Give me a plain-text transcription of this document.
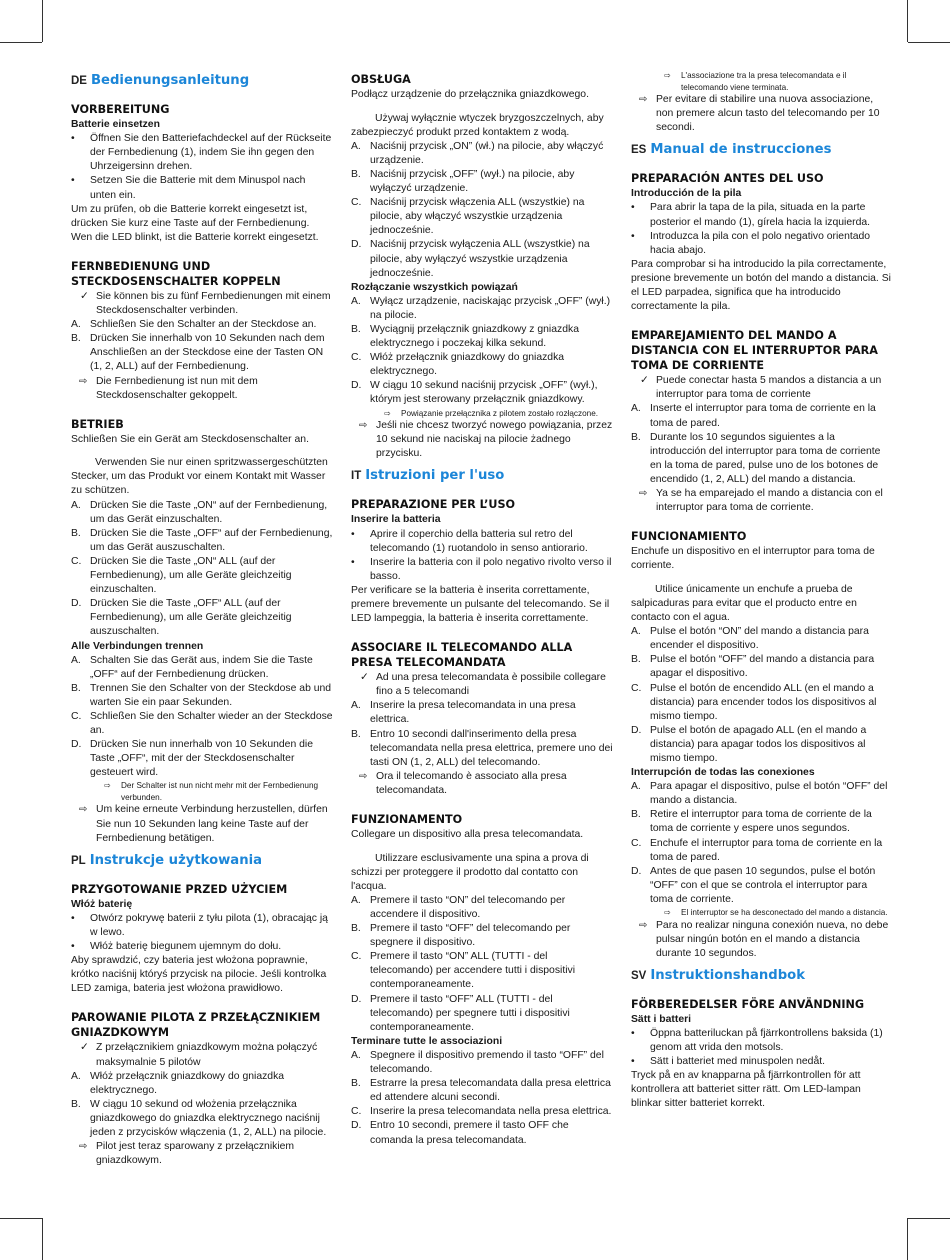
DE Bedienungsanleitung
VORBEREITUNG
Batterie einsetzen
•	Öffnen Sie den Batteriefachdeckel auf der Rückseite der Fernbedienung (1), indem Sie ihn gegen den Uhrzeigersinn drehen.
•	Setzen Sie die Batterie mit dem Minuspol nach unten ein.

Um zu prüfen, ob die Batterie korrekt eingesetzt ist, drücken Sie kurz eine Taste auf der Fernbedienung. Wen die LED blinkt, ist die Batterie korrekt eingesetzt.

FERNBEDIENUNG UND STECKDOSENSCHALTER KOPPELN
✓ Sie können bis zu fünf Fernbedienungen mit einem Steckdosenschalter verbinden.
A. Schließen Sie den Schalter an der Steckdose an.
B. Drücken Sie innerhalb von 10 Sekunden nach dem Anschließen an der Steckdose eine der Tasten ON (1, 2, ALL) auf der Fernbedienung.
⇨ Die Fernbedienung ist nun mit dem Steckdosenschalter gekoppelt.
BETRIEB

Schließen Sie ein Gerät am Steckdosenschalter an.

Verwenden Sie nur einen spritzwassergeschützten Stecker, um das Produkt vor einem Kontakt mit Wasser zu schützen.

A. Drücken Sie die Taste „ON“ auf der Fernbedienung, um das Gerät einzuschalten.
B. Drücken Sie die Taste „OFF“ auf der Fernbedienung, um das Gerät auszuschalten.
C. Drücken Sie die Taste „ON“ ALL (auf der Fernbedienung), um alle Geräte gleichzeitig einzuschalten.
D. Drücken Sie die Taste „OFF“ ALL (auf der Fernbedienung), um alle Geräte gleichzeitig auszuschalten.
Alle Verbindungen trennen
A. Schalten Sie das Gerät aus, indem Sie die Taste „OFF“ auf der Fernbedienung drücken.
B. Trennen Sie den Schalter von der Steckdose ab und warten Sie ein paar Sekunden.
C. Schließen Sie den Schalter wieder an der Steckdose an.
D. Drücken Sie nun innerhalb von 10 Sekunden die Taste „OFF“, mit der der Steckdosenschalter gesteuert wird.
⇨	Der Schalter ist nun nicht mehr mit der Fernbedienung verbunden.
⇨ Um keine erneute Verbindung herzustellen, dürfen Sie nun 10 Sekunden lang keine Taste auf der Fernbedienung betätigen.
PL Instrukcje użytkowania
PRZYGOTOWANIE PRZED UŻYCIEM
Włóż baterię
•	Otwórz pokrywę baterii z tyłu pilota (1), obracając ją w lewo.
•	Włóż baterię biegunem ujemnym do dołu.

Aby sprawdzić, czy bateria jest włożona poprawnie, krótko naciśnij któryś przycisk na pilocie. Jeśli kontrolka LED zamiga, bateria jest włożona prawidłowo.

PAROWANIE PILOTA Z PRZEŁĄCZNIKIEM GNIAZDKOWYM
✓ Z przełącznikiem gniazdkowym można połączyć maksymalnie 5 pilotów
A. Włóż przełącznik gniazdkowy do gniazdka elektrycznego.
B. W ciągu 10 sekund od włożenia przełącznika gniazdkowego do gniazdka elektrycznego naciśnij jeden z przycisków włączenia (1, 2, ALL) na pilocie.
⇨ Pilot jest teraz sparowany z przełącznikiem gniazdkowym.
OBSŁUGA

Podłącz urządzenie do przełącznika gniazdkowego.

Używaj wyłącznie wtyczek bryzgoszczelnych, aby zabezpieczyć produkt przed kontaktem z wodą.

A. Naciśnij przycisk „ON” (wł.) na pilocie, aby włączyć urządzenie.
B. Naciśnij przycisk „OFF” (wył.) na pilocie, aby wyłączyć urządzenie.
C. Naciśnij przycisk włączenia ALL (wszystkie) na pilocie, aby włączyć wszystkie urządzenia jednocześnie.
D. Naciśnij przycisk wyłączenia ALL (wszystkie) na pilocie, aby wyłączyć wszystkie urządzenia jednocześnie.
Rozłączanie wszystkich powiązań
A. Wyłącz urządzenie, naciskając przycisk „OFF” (wył.) na pilocie.
B. Wyciągnij przełącznik gniazdkowy z gniazdka elektrycznego i poczekaj kilka sekund.
C. Włóż przełącznik gniazdkowy do gniazdka elektrycznego.
D. W ciągu 10 sekund naciśnij przycisk „OFF” (wył.), którym jest sterowany przełącznik gniazdkowy.
⇨	Powiązanie przełącznika z pilotem zostało rozłączone.
⇨ Jeśli nie chcesz tworzyć nowego powiązania, przez 10 sekund nie naciskaj na pilocie żadnego przycisku.
IT Istruzioni per l'uso
PREPARAZIONE PER L’USO
Inserire la batteria
•	Aprire il coperchio della batteria sul retro del telecomando (1) ruotandolo in senso antiorario.
•	Inserire la batteria con il polo negativo rivolto verso il basso.

Per verificare se la batteria è inserita correttamente, premere brevemente un pulsante del telecomando. Se il LED lampeggia, la batteria è inserita correttamente.

ASSOCIARE IL TELECOMANDO ALLA PRESA TELECOMANDATA
✓ Ad una presa telecomandata è possibile collegare fino a 5 telecomandi
A. Inserire la presa telecomandata in una presa elettrica.
B. Entro 10 secondi dall'inserimento della presa telecomandata nella presa elettrica, premere uno dei tasti ON (1, 2, ALL) del telecomando.
⇨ Ora il telecomando è associato alla presa telecomandata.
FUNZIONAMENTO

Collegare un dispositivo alla presa telecomandata.

Utilizzare esclusivamente una spina a prova di schizzi per proteggere il prodotto dal contatto con l'acqua.

A. Premere il tasto “ON” del telecomando per accendere il dispositivo.
B. Premere il tasto “OFF” del telecomando per spegnere il dispositivo.
C. Premere il tasto “ON” ALL (TUTTI - del telecomando) per accendere tutti i dispositivi contemporaneamente.
D. Premere il tasto “OFF” ALL (TUTTI - del telecomando) per spegnere tutti i dispositivi contemporaneamente.
Terminare tutte le associazioni
A. Spegnere il dispositivo premendo il tasto “OFF” del telecomando.
B. Estrarre la presa telecomandata dalla presa elettrica ed attendere alcuni secondi.
C. Inserire la presa telecomandata nella presa elettrica.
D. Entro 10 secondi, premere il tasto OFF che comanda la presa telecomandata.
⇨	L'associazione tra la presa telecomandata e il telecomando viene terminata.
⇨ Per evitare di stabilire una nuova associazione, non premere alcun tasto del telecomando per 10 secondi.
ES Manual de instrucciones
PREPARACIÓN ANTES DEL USO
Introducción de la pila
•	Para abrir la tapa de la pila, situada en la parte posterior el mando (1), gírela hacia la izquierda.
•	Introduzca la pila con el polo negativo orientado hacia abajo.

Para comprobar si ha introducido la pila correctamente, presione brevemente un botón del mando a distancia. Si el LED parpadea, significa que ha introducido correctamente la pila.

EMPAREJAMIENTO DEL MANDO A DISTANCIA CON EL INTERRUPTOR PARA TOMA DE CORRIENTE
✓ Puede conectar hasta 5 mandos a distancia a un interruptor para toma de corriente
A. Inserte el interruptor para toma de corriente en la toma de pared.
B. Durante los 10 segundos siguientes a la introducción del interruptor para toma de corriente en la toma de pared, pulse uno de los botones de encendido (1, 2, ALL) del mando a distancia.
⇨ Ya se ha emparejado el mando a distancia con el interruptor para toma de corriente.
FUNCIONAMIENTO

Enchufe un dispositivo en el interruptor para toma de corriente.

Utilice únicamente un enchufe a prueba de salpicaduras para evitar que el producto entre en contacto con el agua.

A. Pulse el botón “ON” del mando a distancia para encender el dispositivo.
B. Pulse el botón “OFF” del mando a distancia para apagar el dispositivo.
C. Pulse el botón de encendido ALL (en el mando a distancia) para encender todos los dispositivos al mismo tiempo.
D. Pulse el botón de apagado ALL (en el mando a distancia) para apagar todos los dispositivos al mismo tiempo.
Interrupción de todas las conexiones
A. Para apagar el dispositivo, pulse el botón “OFF” del mando a distancia.
B. Retire el interruptor para toma de corriente de la toma de corriente y espere unos segundos.
C. Enchufe el interruptor para toma de corriente en la toma de pared.
D. Antes de que pasen 10 segundos, pulse el botón “OFF” con el que se controla el interruptor para toma de corriente.
⇨	El interruptor se ha desconectado del mando a distancia.
⇨ Para no realizar ninguna conexión nueva, no debe pulsar ningún botón en el mando a distancia durante 10 segundos.
SV Instruktionshandbok
FÖRBEREDELSER FÖRE ANVÄNDNING
Sätt i batteri
•	Öppna batteriluckan på fjärrkontrollens baksida (1) genom att vrida den motsols.
•	Sätt i batteriet med minuspolen nedåt.

Tryck på en av knapparna på fjärrkontrollen för att kontrollera att batteriet sitter rätt. Om LED-lampan blinkar sitter batteriet korrekt.
